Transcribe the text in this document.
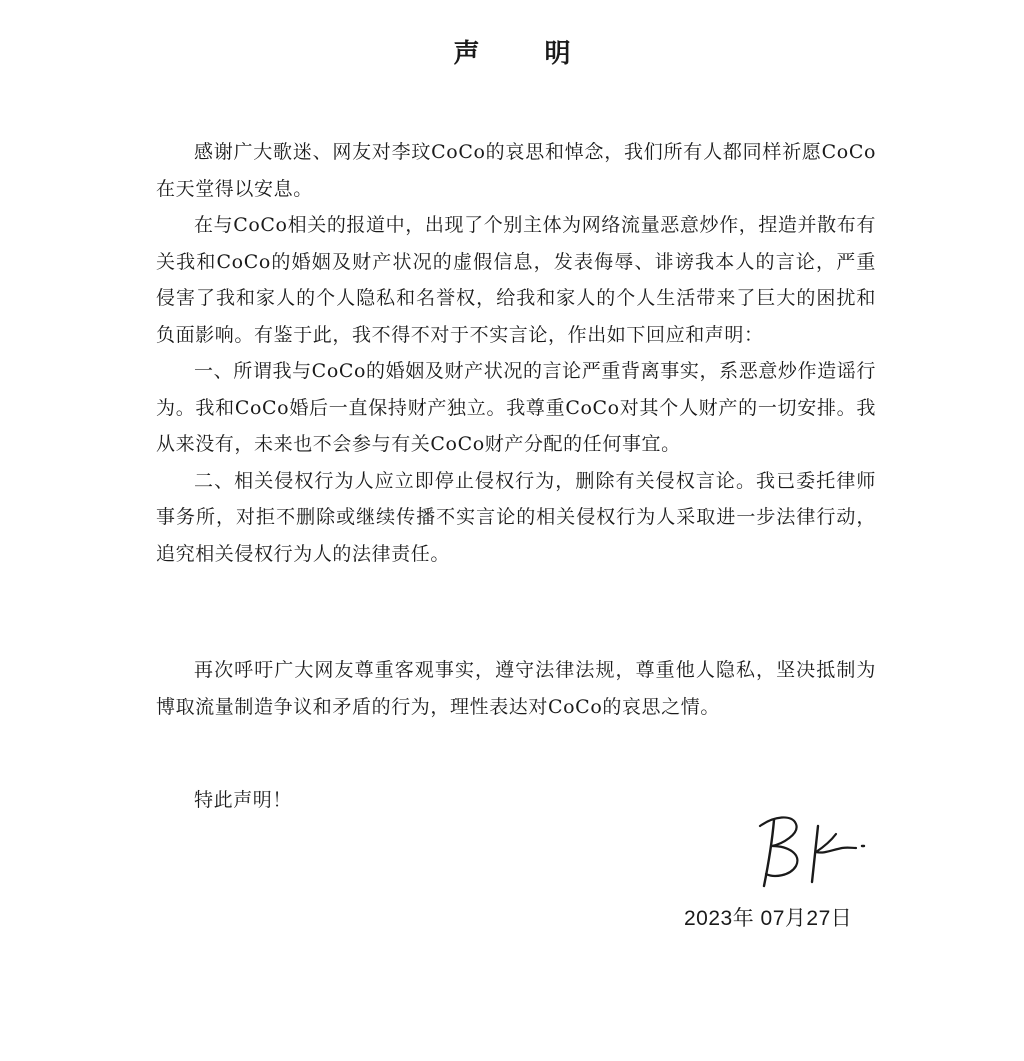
声 明

感谢广大歌迷、网友对李玟CoCo的哀思和悼念，我们所有人都同样祈愿CoCo在天堂得以安息。

在与CoCo相关的报道中，出现了个别主体为网络流量恶意炒作，捏造并散布有关我和CoCo的婚姻及财产状况的虚假信息，发表侮辱、诽谤我本人的言论，严重侵害了我和家人的个人隐私和名誉权，给我和家人的个人生活带来了巨大的困扰和负面影响。有鉴于此，我不得不对于不实言论，作出如下回应和声明：

一、所谓我与CoCo的婚姻及财产状况的言论严重背离事实，系恶意炒作造谣行为。我和CoCo婚后一直保持财产独立。我尊重CoCo对其个人财产的一切安排。我从来没有，未来也不会参与有关CoCo财产分配的任何事宜。

二、相关侵权行为人应立即停止侵权行为，删除有关侵权言论。我已委托律师事务所，对拒不删除或继续传播不实言论的相关侵权行为人采取进一步法律行动，追究相关侵权行为人的法律责任。

再次呼吁广大网友尊重客观事实，遵守法律法规，尊重他人隐私，坚决抵制为博取流量制造争议和矛盾的行为，理性表达对CoCo的哀思之情。

特此声明！

2023年 07月27日
